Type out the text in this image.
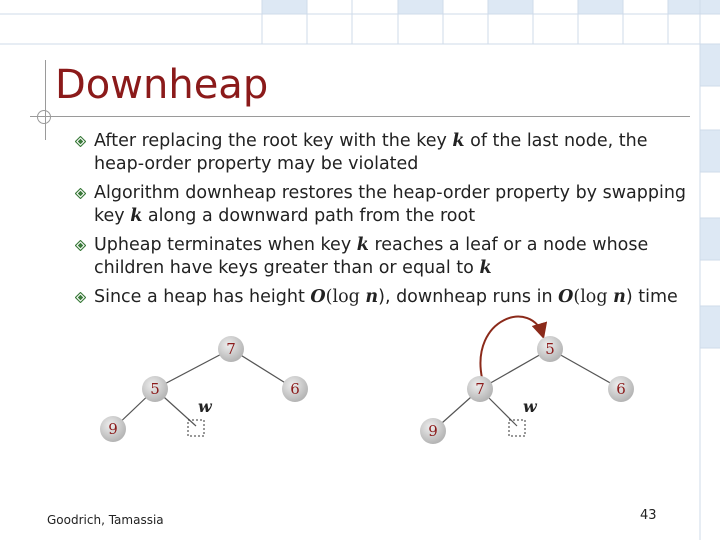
Downheap
After replacing the root key with the key k of the last node, the heap-order property may be violated
Algorithm downheap restores the heap-order property by swapping key k along a downward path from the root
Upheap terminates when key k reaches a leaf or a node whose children have keys greater than or equal to k
Since a heap has height O(log n), downheap runs in O(log n) time
7
5	6
9
w
5
7	6
9
w
Goodrich, Tamassia	43
